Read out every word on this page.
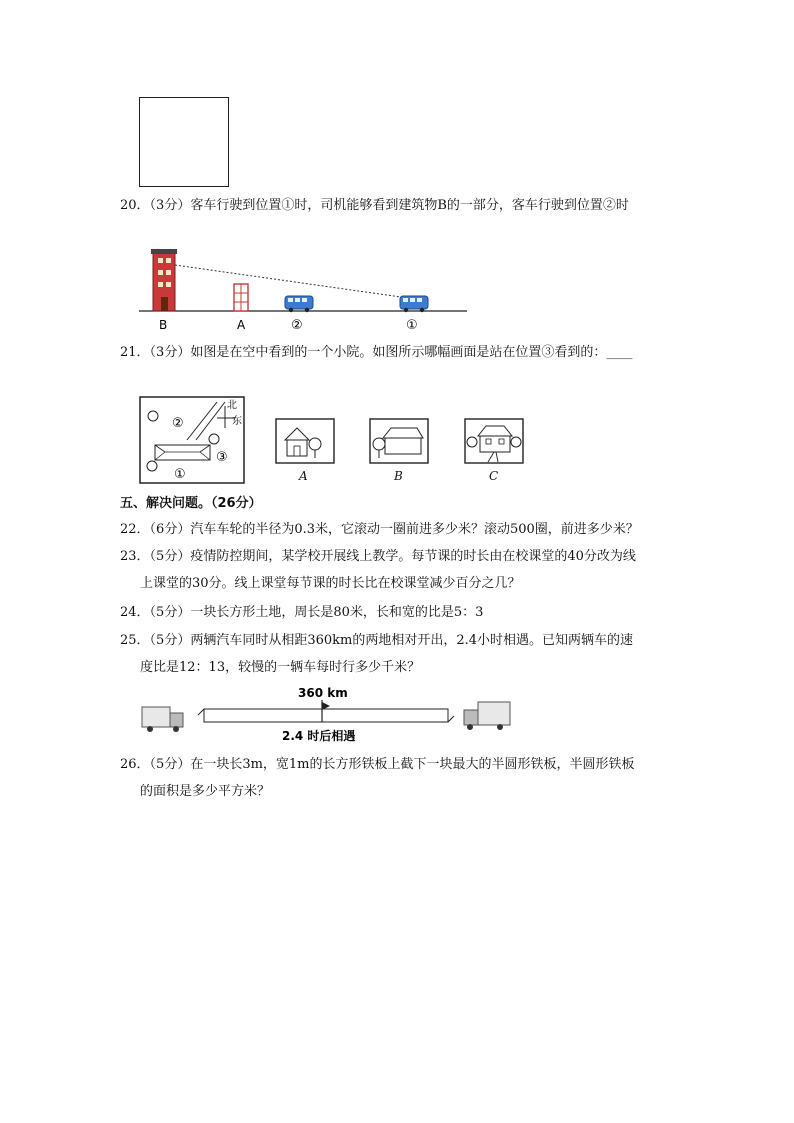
20．（3分）客车行驶到位置①时，司机能够看到建筑物B的一部分，客车行驶到位置②时
B	A	②	①
21．（3分）如图是在空中看到的一个小院。如图所示哪幅画面是站在位置③看到的：____
北
东
②
③
①	A	B	C
五、解决问题。（26分）
22．（6分）汽车车轮的半径为0.3米，它滚动一圈前进多少米？滚动500圈，前进多少米？
23．（5分）疫情防控期间，某学校开展线上教学。每节课的时长由在校课堂的40分改为线
上课堂的30分。线上课堂每节课的时长比在校课堂减少百分之几？
24．（5分）一块长方形土地，周长是80米，长和宽的比是5：3
25．（5分）两辆汽车同时从相距360km的两地相对开出，2.4小时相遇。已知两辆车的速
度比是12：13，较慢的一辆车每时行多少千米？
360 km
2.4 时后相遇
26．（5分）在一块长3m，宽1m的长方形铁板上截下一块最大的半圆形铁板，半圆形铁板
的面积是多少平方米？
